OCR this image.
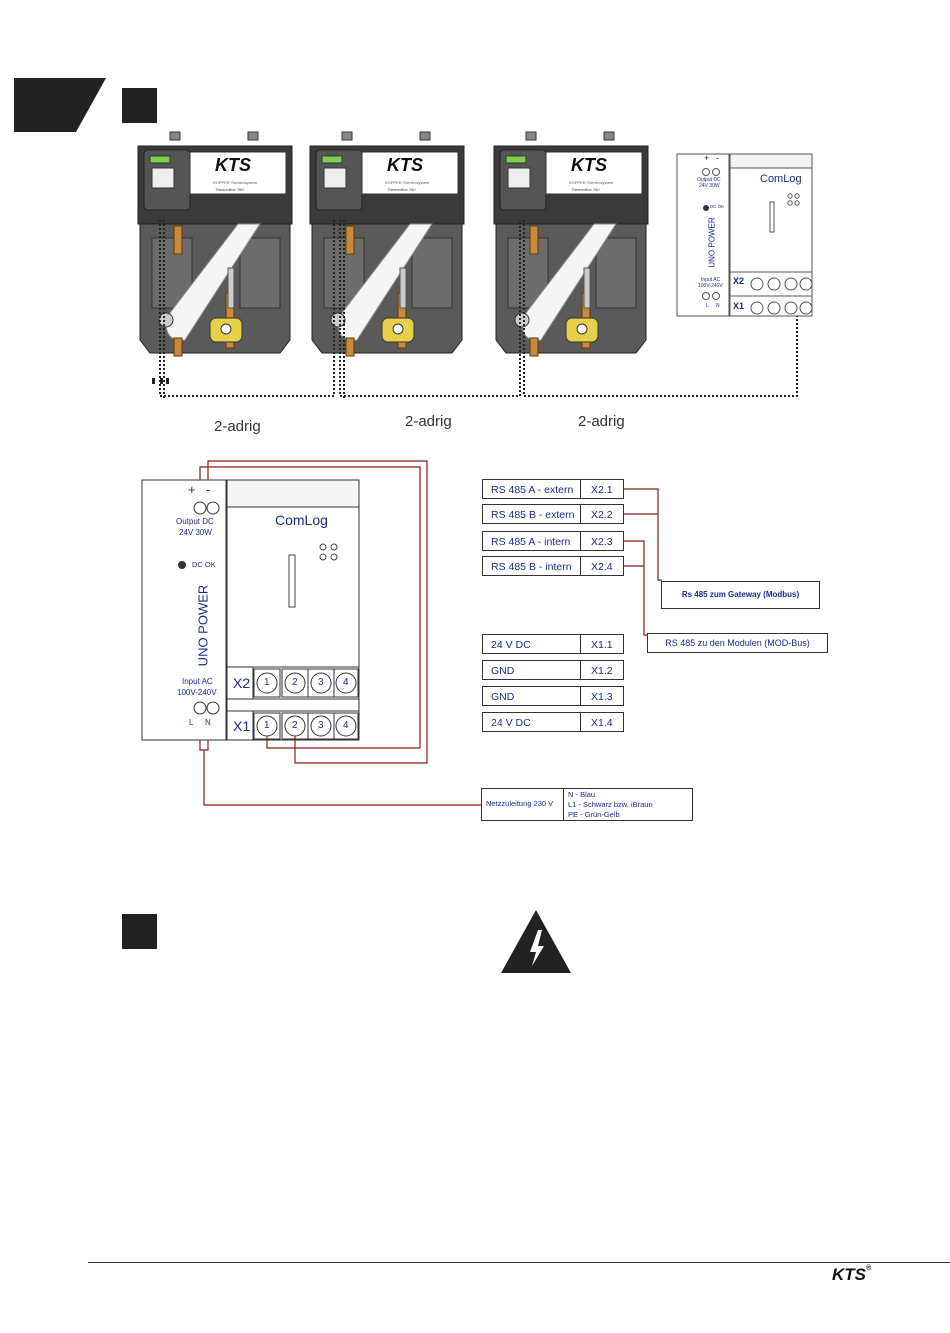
KTS
KOPPER Thermosystem
ThermoBox 760
KTS
KOPPER Thermosystem
ThermoBox 760
KTS
KOPPER Thermosystem
ThermoBox 760
+ -
Output DC
24V 30W
DC OK
UNO POWER
Input AC
100V-240V
L N
ComLog
X2
X1
2-adrig	2-adrig	2-adrig
+ -
Output DC
24V 30W
DC OK
UNO POWER
Input AC
100V-240V
L N
ComLog
X2
X1
1 2 3 4
1 2 3 4
RS 485 A - extern X2.1
RS 485 B - extern X2.2
RS 485 A - intern X2.3
RS 485 B - intern X2.4
24 V DC	X1.1
GND	X1.2
GND	X1.3
24 V DC	X1.4
Rs 485 zum Gateway (Modbus)
RS 485 zu den Modulen (MOD-Bus)
Netzzuleitung 230 V
N - Blau
L1 - Schwarz bzw. iBraun
PE - Grün-Gelb
KTS®
